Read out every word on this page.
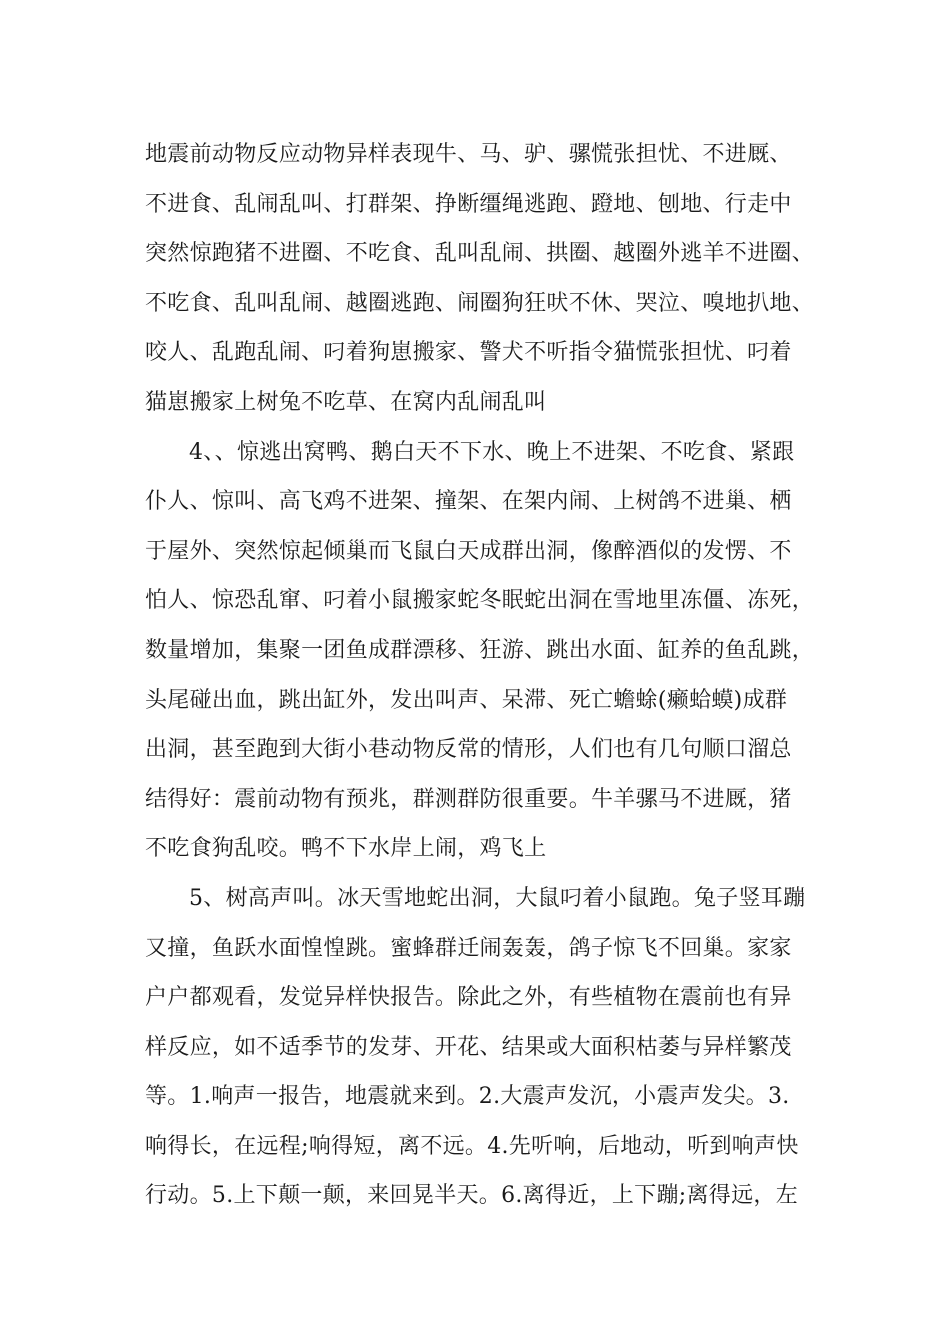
地震前动物反应动物异样表现牛、马、驴、骡慌张担忧、不进厩、
不进食、乱闹乱叫、打群架、挣断缰绳逃跑、蹬地、刨地、行走中
突然惊跑猪不进圈、不吃食、乱叫乱闹、拱圈、越圈外逃羊不进圈、
不吃食、乱叫乱闹、越圈逃跑、闹圈狗狂吠不休、哭泣、嗅地扒地、
咬人、乱跑乱闹、叼着狗崽搬家、警犬不听指令猫慌张担忧、叼着
猫崽搬家上树兔不吃草、在窝内乱闹乱叫
4、、惊逃出窝鸭、鹅白天不下水、晚上不进架、不吃食、紧跟
仆人、惊叫、高飞鸡不进架、撞架、在架内闹、上树鸽不进巢、栖
于屋外、突然惊起倾巢而飞鼠白天成群出洞，像醉酒似的发愣、不
怕人、惊恐乱窜、叼着小鼠搬家蛇冬眠蛇出洞在雪地里冻僵、冻死，
数量增加，集聚一团鱼成群漂移、狂游、跳出水面、缸养的鱼乱跳，
头尾碰出血，跳出缸外，发出叫声、呆滞、死亡蟾蜍(癞蛤蟆)成群
出洞，甚至跑到大街小巷动物反常的情形，人们也有几句顺口溜总
结得好：震前动物有预兆，群测群防很重要。牛羊骡马不进厩，猪
不吃食狗乱咬。鸭不下水岸上闹，鸡飞上
5、树高声叫。冰天雪地蛇出洞，大鼠叼着小鼠跑。兔子竖耳蹦
又撞，鱼跃水面惶惶跳。蜜蜂群迁闹轰轰，鸽子惊飞不回巢。家家
户户都观看，发觉异样快报告。除此之外，有些植物在震前也有异
样反应，如不适季节的发芽、开花、结果或大面积枯萎与异样繁茂
等。1.响声一报告，地震就来到。2.大震声发沉，小震声发尖。3.
响得长，在远程;响得短，离不远。4.先听响，后地动，听到响声快
行动。5.上下颠一颠，来回晃半天。6.离得近，上下蹦;离得远，左
